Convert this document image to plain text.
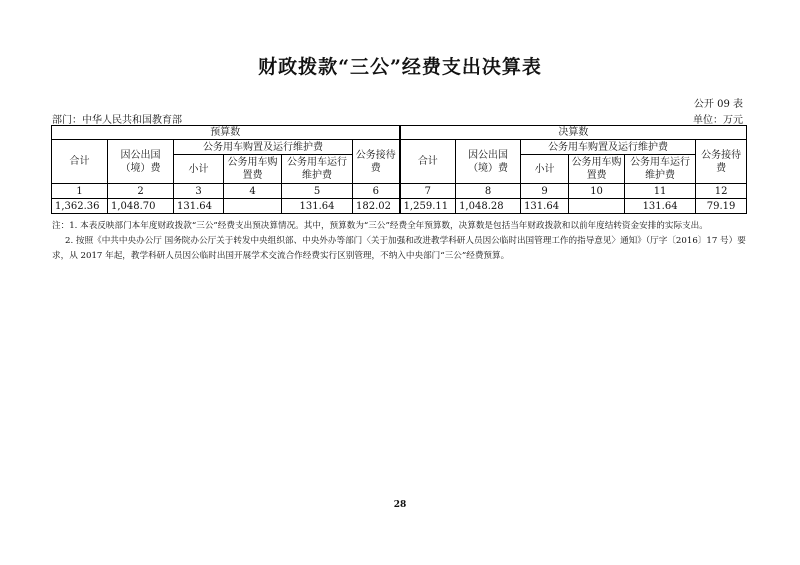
财政拨款“三公”经费支出决算表
公开 09 表
部门：中华人民共和国教育部	单位：万元
预算数						决算数					
合计	因公出国（境）费	公务用车购置及运行维护费			公务接待费	合计	因公出国（境）费	公务用车购置及运行维护费			公务接待费
		小计	公务用车购置费	公务用车运行维护费				小计	公务用车购置费	公务用车运行维护费	
1	2	3	4	5	6	7	8	9	10	11	12
1,362.36	1,048.70	131.64		131.64	182.02	1,259.11	1,048.28	131.64		131.64	79.19
注：1. 本表反映部门本年度财政拨款“三公”经费支出预决算情况。其中，预算数为“三公”经费全年预算数，决算数是包括当年财政拨款和以前年度结转资金安排的实际支出。
2. 按照《中共中央办公厅 国务院办公厅关于转发中央组织部、中央外办等部门〈关于加强和改进教学科研人员因公临时出国管理工作的指导意见〉通知》（厅字〔2016〕17 号）要
求，从 2017 年起，教学科研人员因公临时出国开展学术交流合作经费实行区别管理，不纳入中央部门“三公”经费预算。
28
